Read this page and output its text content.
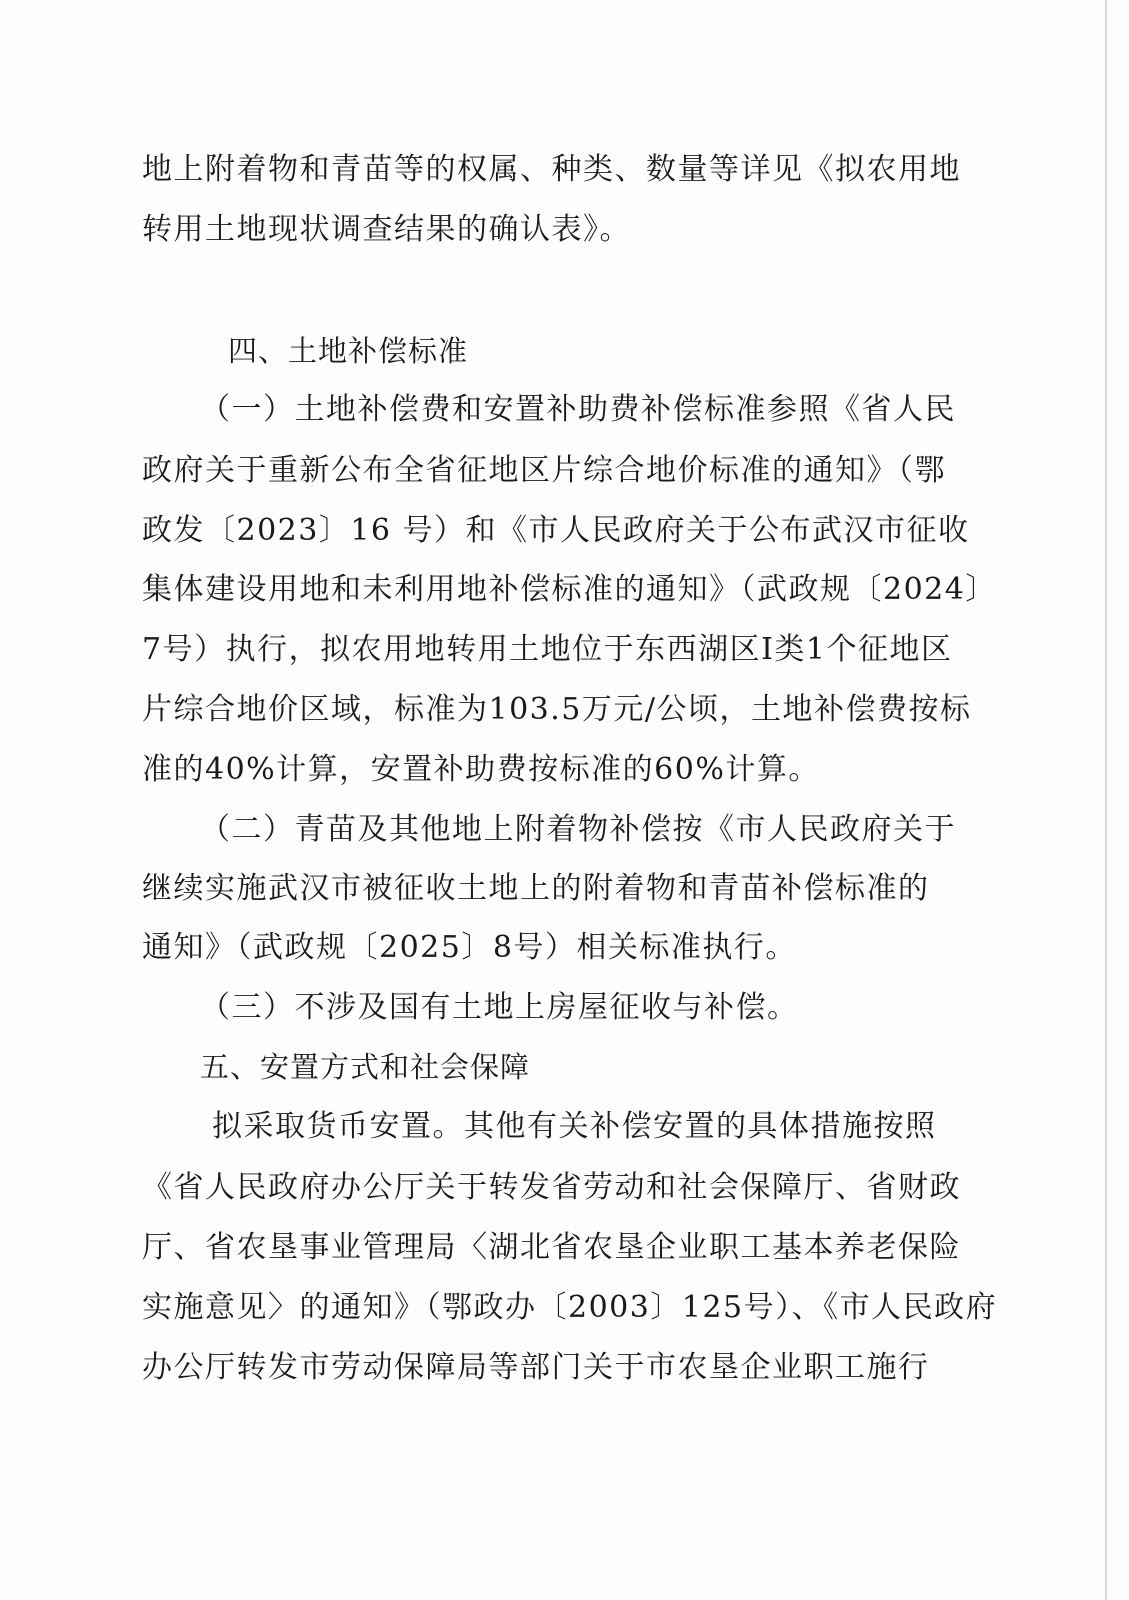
地上附着物和青苗等的权属、种类、数量等详见《拟农用地
转用土地现状调查结果的确认表》。
四、土地补偿标准
（一）土地补偿费和安置补助费补偿标准参照《省人民
政府关于重新公布全省征地区片综合地价标准的通知》（鄂
政发〔2023〕16 号）和《市人民政府关于公布武汉市征收
集体建设用地和未利用地补偿标准的通知》（武政规〔2024〕
7号）执行，拟农用地转用土地位于东西湖区Ⅰ类1个征地区
片综合地价区域，标准为103.5万元/公顷，土地补偿费按标
准的40%计算，安置补助费按标准的60%计算。
（二）青苗及其他地上附着物补偿按《市人民政府关于
继续实施武汉市被征收土地上的附着物和青苗补偿标准的
通知》（武政规〔2025〕8号）相关标准执行。
（三）不涉及国有土地上房屋征收与补偿。
五、安置方式和社会保障
拟采取货币安置。其他有关补偿安置的具体措施按照
《省人民政府办公厅关于转发省劳动和社会保障厅、省财政
厅、省农垦事业管理局〈湖北省农垦企业职工基本养老保险
实施意见〉的通知》（鄂政办〔2003〕125号）、《市人民政府
办公厅转发市劳动保障局等部门关于市农垦企业职工施行
